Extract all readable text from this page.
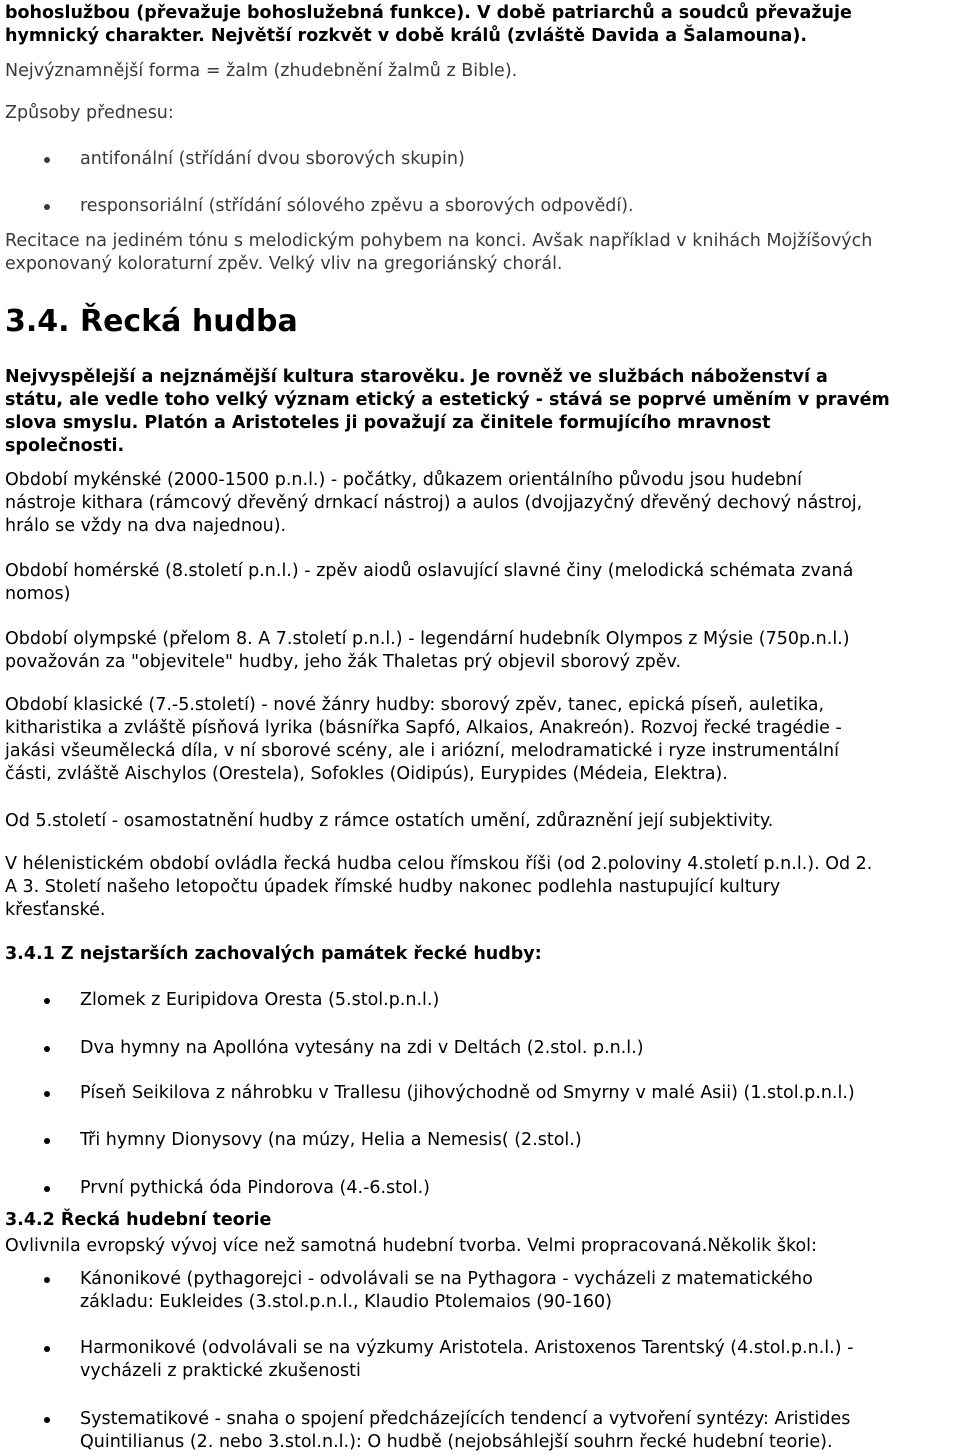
bohoslužbou (převažuje bohoslužebná funkce). V době patriarchů a soudců převažuje
hymnický charakter. Největší rozkvět v době králů (zvláště Davida a Šalamouna).
Nejvýznamnější forma = žalm (zhudebnění žalmů z Bible).
Způsoby přednesu:
antifonální (střídání dvou sborových skupin)
responsoriální (střídání sólového zpěvu a sborových odpovědí).
Recitace na jediném tónu s melodickým pohybem na konci. Avšak například v knihách Mojžíšových
exponovaný koloraturní zpěv. Velký vliv na gregoriánský chorál.
3.4. Řecká hudba
Nejvyspělejší a nejznámější kultura starověku. Je rovněž ve službách náboženství a
státu, ale vedle toho velký význam etický a estetický - stává se poprvé uměním v pravém
slova smyslu. Platón a Aristoteles ji považují za činitele formujícího mravnost
společnosti.
Období mykénské (2000-1500 p.n.l.) - počátky, důkazem orientálního původu jsou hudební
nástroje kithara (rámcový dřevěný drnkací nástroj) a aulos (dvojjazyčný dřevěný dechový nástroj,
hrálo se vždy na dva najednou).
Období homérské (8.století p.n.l.) - zpěv aiodů oslavující slavné činy (melodická schémata zvaná
nomos)
Období olympské (přelom 8. A 7.století p.n.l.) - legendární hudebník Olympos z Mýsie (750p.n.l.)
považován za "objevitele" hudby, jeho žák Thaletas prý objevil sborový zpěv.
Období klasické (7.-5.století) - nové žánry hudby: sborový zpěv, tanec, epická píseň, auletika,
kitharistika a zvláště písňová lyrika (básnířka Sapfó, Alkaios, Anakreón). Rozvoj řecké tragédie -
jakási všeumělecká díla, v ní sborové scény, ale i ariózní, melodramatické i ryze instrumentální
části, zvláště Aischylos (Orestela), Sofokles (Oidipús), Eurypides (Médeia, Elektra).
Od 5.století - osamostatnění hudby z rámce ostatích umění, zdůraznění její subjektivity.
V hélenistickém období ovládla řecká hudba celou římskou říši (od 2.poloviny 4.století p.n.l.). Od 2.
A 3. Století našeho letopočtu úpadek římské hudby nakonec podlehla nastupující kultury
křesťanské.
3.4.1 Z nejstarších zachovalých památek řecké hudby:
Zlomek z Euripidova Oresta (5.stol.p.n.l.)
Dva hymny na Apollóna vytesány na zdi v Deltách (2.stol. p.n.l.)
Píseň Seikilova z náhrobku v Trallesu (jihovýchodně od Smyrny v malé Asii) (1.stol.p.n.l.)
Tři hymny Dionysovy (na múzy, Helia a Nemesis( (2.stol.)
První pythická óda Pindorova (4.-6.stol.)
3.4.2 Řecká hudební teorie
Ovlivnila evropský vývoj více než samotná hudební tvorba. Velmi propracovaná.Několik škol:
Kánonikové (pythagorejci - odvolávali se na Pythagora - vycházeli z matematického
základu: Eukleides (3.stol.p.n.l., Klaudio Ptolemaios (90-160)
Harmonikové (odvolávali se na výzkumy Aristotela. Aristoxenos Tarentský (4.stol.p.n.l.) -
vycházeli z praktické zkušenosti
Systematikové - snaha o spojení předcházejících tendencí a vytvoření syntézy: Aristides
Quintilianus (2. nebo 3.stol.n.l.): O hudbě (nejobsáhlejší souhrn řecké hudební teorie).
